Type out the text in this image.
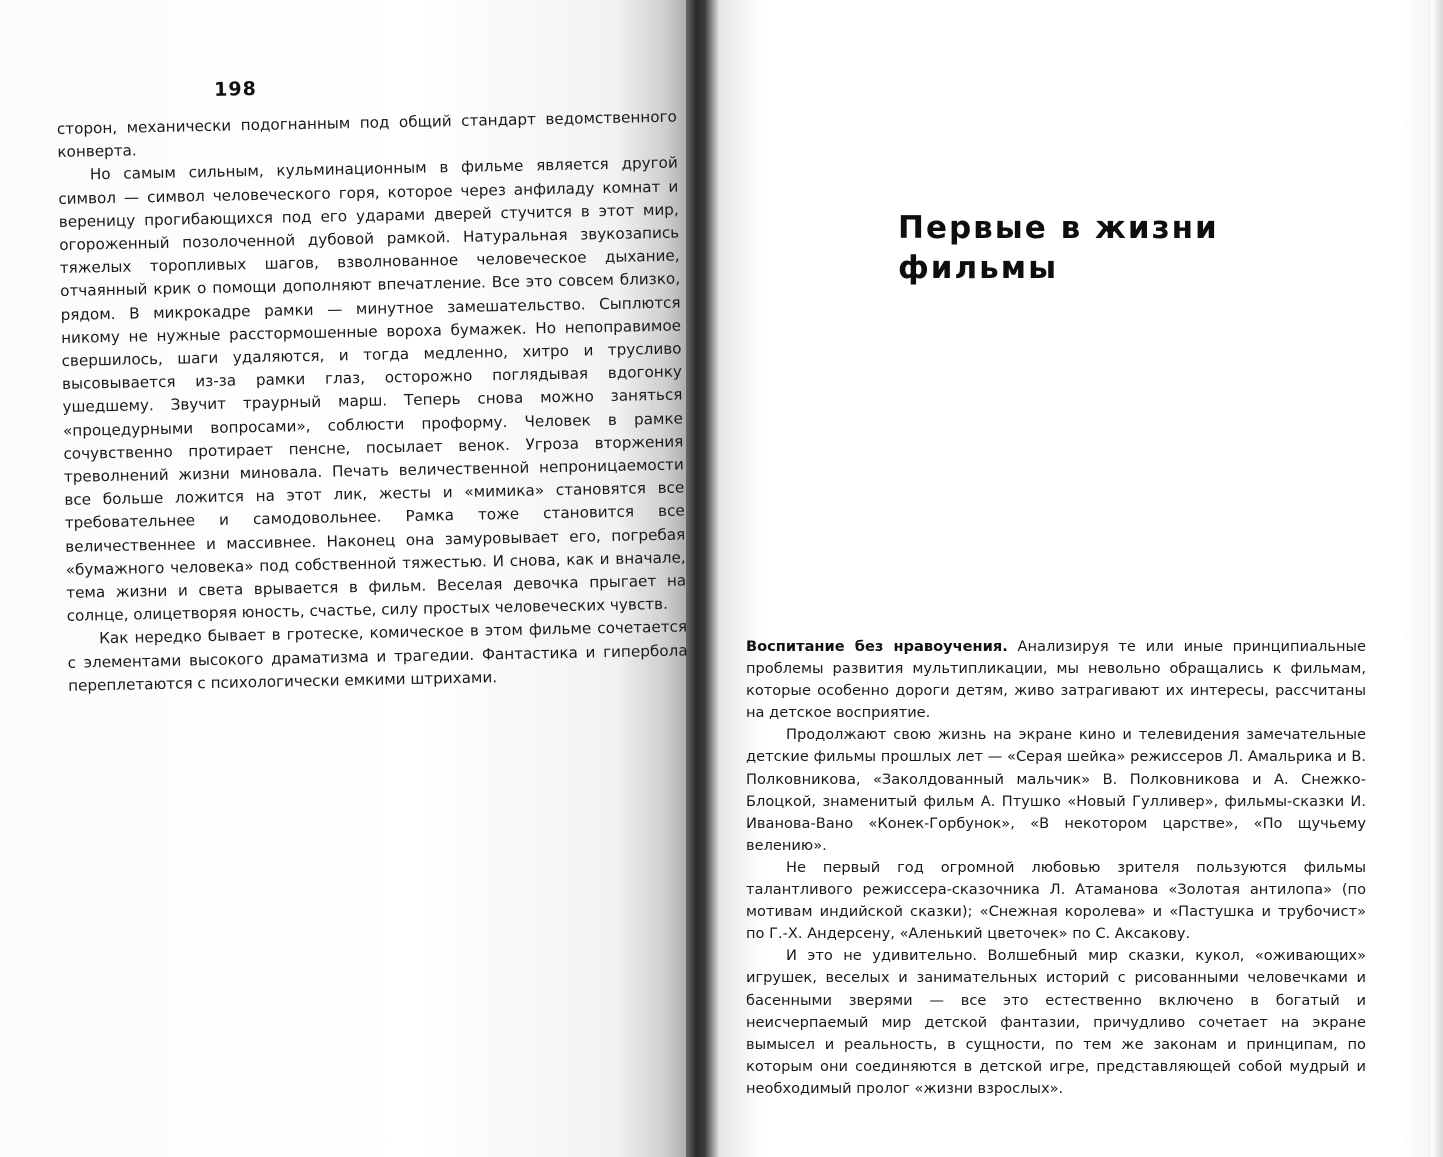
198

сторон, механически подогнанным под общий стандарт ведомственного конверта.

Но самым сильным, кульминационным в фильме является другой символ — символ человеческого горя, которое через анфиладу комнат и вереницу прогибающихся под его ударами дверей стучится в этот мир, огороженный позолоченной дубовой рамкой. Натуральная звукозапись тяжелых торопливых шагов, взволнованное человеческое дыхание, отчаянный крик о помощи дополняют впечатление. Все это совсем близко, рядом. В микрокадре рамки — минутное замешательство. Сыплются никому не нужные расстормошенные вороха бумажек. Но непоправимое свершилось, шаги удаляются, и тогда медленно, хитро и трусливо высовывается из-за рамки глаз, осторожно поглядывая вдогонку ушедшему. Звучит траурный марш. Теперь снова можно заняться «процедурными вопросами», соблюсти проформу. Человек в рамке сочувственно протирает пенсне, посылает венок. Угроза вторжения треволнений жизни миновала. Печать величественной непроницаемости все больше ложится на этот лик, жесты и «мимика» становятся все требовательнее и самодовольнее. Рамка тоже становится все величественнее и массивнее. Наконец она замуровывает его, погребая «бумажного человека» под собственной тяжестью. И снова, как и вначале, тема жизни и света врывается в фильм. Веселая девочка прыгает на солнце, олицетворяя юность, счастье, силу простых человеческих чувств.

Как нередко бывает в гротеске, комическое в этом фильме сочетается с элементами высокого драматизма и трагедии. Фантастика и гипербола переплетаются с психологически емкими штрихами.

Первые в жизни фильмы

Воспитание без нравоучения. Анализируя те или иные принципиальные проблемы развития мультипликации, мы невольно обращались к фильмам, которые особенно дороги детям, живо затрагивают их интересы, рассчитаны на детское восприятие.

Продолжают свою жизнь на экране кино и телевидения замечательные детские фильмы прошлых лет — «Серая шейка» режиссеров Л. Амальрика и В. Полковникова, «Заколдованный мальчик» В. Полковникова и А. Снежко-Блоцкой, знаменитый фильм А. Птушко «Новый Гулливер», фильмы-сказки И. Иванова-Вано «Конек-Горбунок», «В некотором царстве», «По щучьему велению».

Не первый год огромной любовью зрителя пользуются фильмы талантливого режиссера-сказочника Л. Атаманова «Золотая антилопа» (по мотивам индийской сказки); «Снежная королева» и «Пастушка и трубочист» по Г.-Х. Андерсену, «Аленький цветочек» по С. Аксакову.

И это не удивительно. Волшебный мир сказки, кукол, «оживающих» игрушек, веселых и занимательных историй с рисованными человечками и басенными зверями — все это естественно включено в богатый и неисчерпаемый мир детской фантазии, причудливо сочетает на экране вымысел и реальность, в сущности, по тем же законам и принципам, по которым они соединяются в детской игре, представляющей собой мудрый и необходимый пролог «жизни взрослых».
